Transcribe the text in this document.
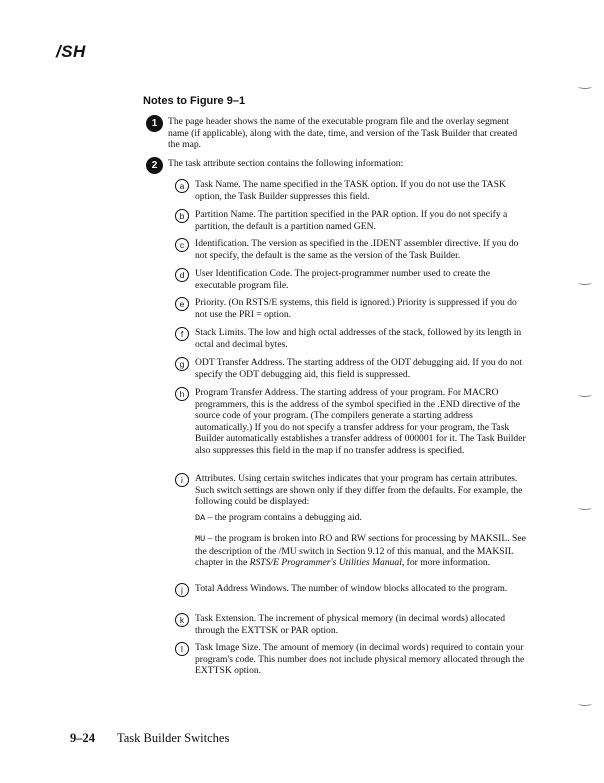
/SH
Notes to Figure 9–1
1	The page header shows the name of the executable program file and the overlay segment name (if applicable), along with the date, time, and version of the Task Builder that created the map.
2	The task attribute section contains the following information:
a	Task Name. The name specified in the TASK option. If you do not use the TASK option, the Task Builder suppresses this field.
b	Partition Name. The partition specified in the PAR option. If you do not specify a partition, the default is a partition named GEN.
c	Identification. The version as specified in the .IDENT assembler directive. If you do not specify, the default is the same as the version of the Task Builder.
d	User Identification Code. The project-programmer number used to create the executable program file.
e	Priority. (On RSTS/E systems, this field is ignored.) Priority is suppressed if you do not use the PRI = option.
f	Stack Limits. The low and high octal addresses of the stack, followed by its length in octal and decimal bytes.
g	ODT Transfer Address. The starting address of the ODT debugging aid. If you do not specify the ODT debugging aid, this field is suppressed.
h	Program Transfer Address. The starting address of your program. For MACRO programmers, this is the address of the symbol specified in the .END directive of the source code of your program. (The compilers generate a starting address automatically.) If you do not specify a transfer address for your program, the Task Builder automatically establishes a transfer address of 000001 for it. The Task Builder also suppresses this field in the map if no transfer address is specified.
i	Attributes. Using certain switches indicates that your program has certain attributes. Such switch settings are shown only if they differ from the defaults. For example, the following could be displayed:
DA – the program contains a debugging aid.
MU – the program is broken into RO and RW sections for processing by MAKSIL. See the description of the /MU switch in Section 9.12 of this manual, and the MAKSIL chapter in the RSTS/E Programmer's Utilities Manual, for more information.
j	Total Address Windows. The number of window blocks allocated to the program.
k	Task Extension. The increment of physical memory (in decimal words) allocated through the EXTTSK or PAR option.
l	Task Image Size. The amount of memory (in decimal words) required to contain your program's code. This number does not include physical memory allocated through the EXTTSK option.
9–24 Task Builder Switches
